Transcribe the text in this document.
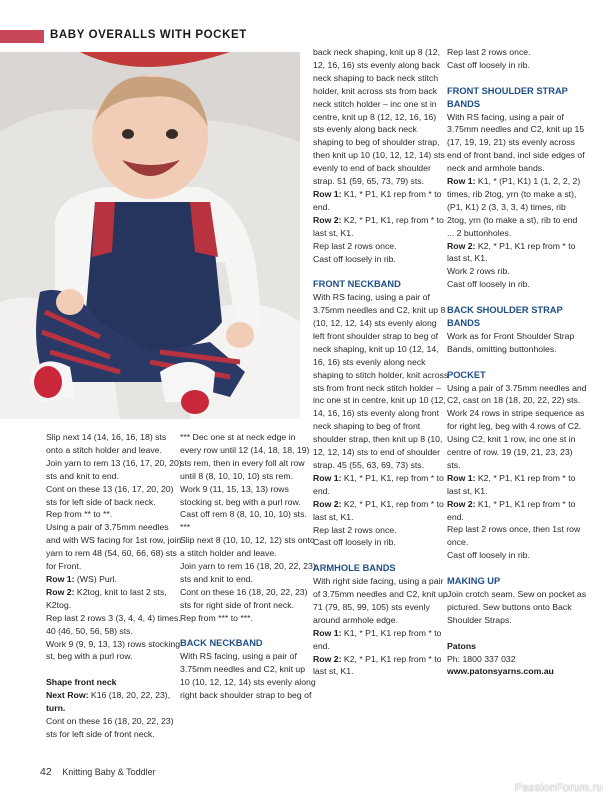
BABY OVERALLS WITH POCKET

Slip next 14 (14, 16, 16, 18) sts onto a stitch holder and leave.

Join yarn to rem 13 (16, 17, 20, 20) sts and knit to end.

Cont on these 13 (16, 17, 20, 20) sts for left side of back neck.

Rep from ** to **.

Using a pair of 3.75mm needles and with WS facing for 1st row, join yarn to rem 48 (54, 60, 66, 68) sts for Front.

Row 1: (WS) Purl.

Row 2: K2tog, knit to last 2 sts, K2tog.

Rep last 2 rows 3 (3, 4, 4, 4) times. 40 (46, 50, 56, 58) sts.

Work 9 (9, 9, 13, 13) rows stocking st, beg with a purl row.

Shape front neck

Next Row: K16 (18, 20, 22, 23), turn.

Cont on these 16 (18, 20, 22, 23) sts for left side of front neck.

*** Dec one st at neck edge in every row until 12 (14, 18, 18, 19) sts rem, then in every foll alt row until 8 (8, 10, 10, 10) sts rem.

Work 9 (11, 15, 13, 13) rows stocking st, beg with a purl row.

Cast off rem 8 (8, 10, 10, 10) sts. ***

Slip next 8 (10, 10, 12, 12) sts onto a stitch holder and leave.

Join yarn to rem 16 (18, 20, 22, 23) sts and knit to end.

Cont on these 16 (18, 20, 22, 23) sts for right side of front neck.

Rep from *** to ***.

BACK NECKBAND

With RS facing, using a pair of 3.75mm needles and C2, knit up 10 (10, 12, 12, 14) sts evenly along right back shoulder strap to beg of

back neck shaping, knit up 8 (12, 12, 16, 16) sts evenly along back neck shaping to back neck stitch holder, knit across sts from back neck stitch holder – inc one st in centre, knit up 8 (12, 12, 16, 16) sts evenly along back neck shaping to beg of shoulder strap, then knit up 10 (10, 12, 12, 14) sts evenly to end of back shoulder strap. 51 (59, 65, 73, 79) sts.

Row 1: K1, * P1, K1 rep from * to end.

Row 2: K2, * P1, K1, rep from * to last st, K1.

Rep last 2 rows once.

Cast off loosely in rib.

FRONT NECKBAND

With RS facing, using a pair of 3.75mm needles and C2, knit up 8 (10, 12, 12, 14) sts evenly along left front shoulder strap to beg of neck shaping, knit up 10 (12, 14, 16, 16) sts evenly along neck shaping to stitch holder, knit across sts from front neck stitch holder – inc one st in centre, knit up 10 (12, 14, 16, 16) sts evenly along front neck shaping to beg of front shoulder strap, then knit up 8 (10, 12, 12, 14) sts to end of shoulder strap. 45 (55, 63, 69, 73) sts.

Row 1: K1, * P1, K1, rep from * to end.

Row 2: K2, * P1, K1, rep from * to last st, K1.

Rep last 2 rows once.

Cast off loosely in rib.

ARMHOLE BANDS

With right side facing, using a pair of 3.75mm needles and C2, knit up 71 (79, 85, 99, 105) sts evenly around armhole edge.

Row 1: K1, * P1, K1 rep from * to end.

Row 2: K2, * P1, K1 rep from * to last st, K1.

Rep last 2 rows once.

Cast off loosely in rib.

FRONT SHOULDER STRAP BANDS

With RS facing, using a pair of 3.75mm needles and C2, knit up 15 (17, 19, 19, 21) sts evenly across end of front band, incl side edges of neck and armhole bands.

Row 1: K1, * (P1, K1) 1 (1, 2, 2, 2) times, rib 2tog, yrn (to make a st), (P1, K1) 2 (3, 3, 3, 4) times, rib 2tog, yrn (to make a st), rib to end ... 2 buttonholes.

Row 2: K2, * P1, K1 rep from * to last st, K1.

Work 2 rows rib.

Cast off loosely in rib.

BACK SHOULDER STRAP BANDS

Work as for Front Shoulder Strap Bands, omitting buttonholes.

POCKET

Using a pair of 3.75mm needles and C2, cast on 18 (18, 20, 22, 22) sts.

Work 24 rows in stripe sequence as for right leg, beg with 4 rows of C2.

Using C2, knit 1 row, inc one st in centre of row. 19 (19, 21, 23, 23) sts.

Row 1: K2, * P1, K1 rep from * to last st, K1.

Row 2: K1, * P1, K1 rep from * to end.

Rep last 2 rows once, then 1st row once.

Cast off loosely in rib.

MAKING UP

Join crotch seam. Sew on pocket as pictured. Sew buttons onto Back Shoulder Straps.

Patons

Ph: 1800 337 032

www.patonsyarns.com.au

42 Knitting Baby & Toddler
PassionForum.ru
